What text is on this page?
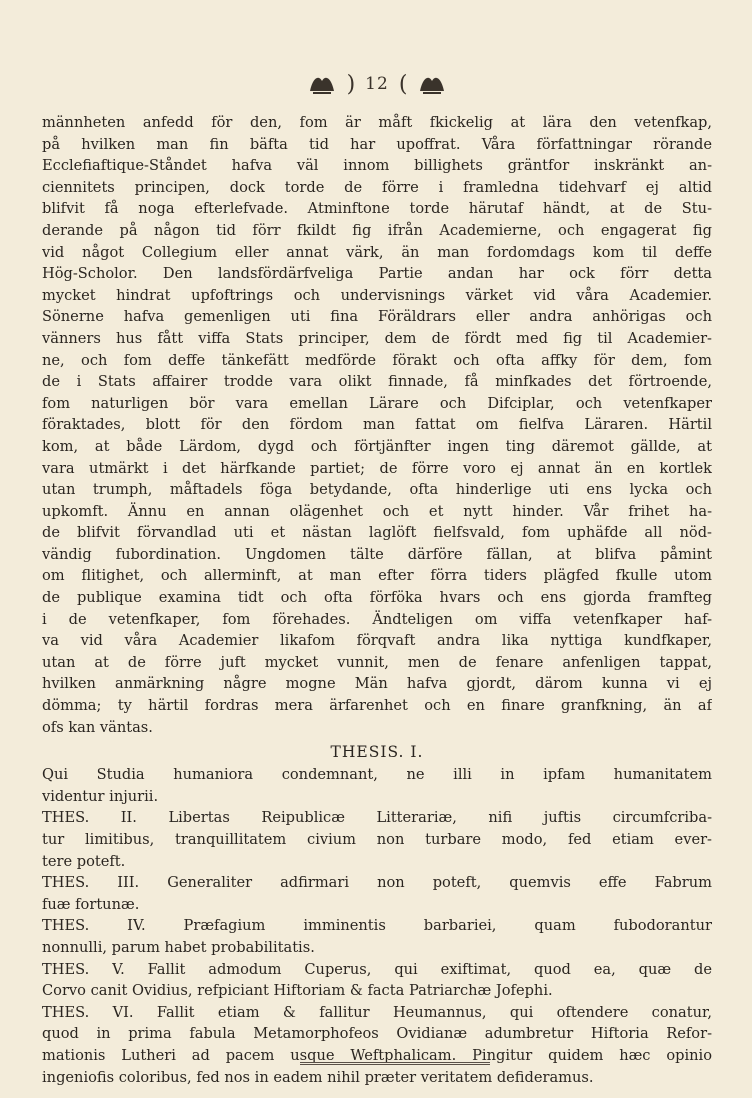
) 12 (
männheten anfedd för den, fom är måft fkickelig at lära den vetenfkap,
på hvilken man fin bäfta tid har upoffrat. Våra författningar rörande
Ecclefiaftique-Ståndet hafva väl innom billighets gräntfor inskränkt an-
ciennitets principen, dock torde de förre i framledna tidehvarf ej altid
blifvit få noga efterlefvade. Atminftone torde härutaf händt, at de Stu-
derande på någon tid förr fkildt fig ifrån Academierne, och engagerat fig
vid något Collegium eller annat värk, än man fordomdags kom til deffe
Hög-Scholor. Den landsfördärfveliga Partie andan har ock förr detta
mycket hindrat upfoftrings och undervisnings värket vid våra Academier.
Sönerne hafva gemenligen uti fina Föräldrars eller andra anhörigas och
vänners hus fått viffa Stats principer, dem de fördt med fig til Academier-
ne, och fom deffe tänkefätt medförde förakt och ofta affky för dem, fom
de i Stats affairer trodde vara olikt finnade, få minfkades det förtroende,
fom naturligen bör vara emellan Lärare och Difciplar, och vetenfkaper
föraktades, blott för den fördom man fattat om fielfva Läraren. Härtil
kom, at både Lärdom, dygd och förtjänfter ingen ting däremot gällde, at
vara utmärkt i det härfkande partiet; de förre voro ej annat än en kortlek
utan trumph, måftadels föga betydande, ofta hinderlige uti ens lycka och
upkomft. Ännu en annan olägenhet och et nytt hinder. Vår frihet ha-
de blifvit förvandlad uti et nästan laglöft fielfsvald, fom uphäfde all nöd-
vändig fubordination. Ungdomen tälte därföre fällan, at blifva påmint
om flitighet, och allerminft, at man efter förra tiders plägfed fkulle utom
de publique examina tidt och ofta förföka hvars och ens gjorda framfteg
i de vetenfkaper, fom förehades. Ändteligen om viffa vetenfkaper haf-
va vid våra Academier likafom förqvaft andra lika nyttiga kundfkaper,
utan at de förre juft mycket vunnit, men de fenare anfenligen tappat,
hvilken anmärkning någre mogne Män hafva gjordt, därom kunna vi ej
dömma; ty härtil fordras mera ärfarenhet och en finare granfkning, än af
ofs kan väntas.
THESIS. I.
Qui Studia humaniora condemnant, ne illi in ipfam humanitatem
videntur injurii.
THES. II. Libertas Reipublicæ Litterariæ, nifi juftis circumfcriba-
tur limitibus, tranquillitatem civium non turbare modo, fed etiam ever-
tere poteft.
THES. III. Generaliter adfirmari non poteft, quemvis effe Fabrum
fuæ fortunæ.
THES. IV. Præfagium imminentis barbariei, quam fubodorantur
nonnulli, parum habet probabilitatis.
THES. V. Fallit admodum Cuperus, qui exiftimat, quod ea, quæ de
Corvo canit Ovidius, refpiciant Hiftoriam & facta Patriarchæ Jofephi.
THES. VI. Fallit etiam & fallitur Heumannus, qui oftendere conatur,
quod in prima fabula Metamorphofeos Ovidianæ adumbretur Hiftoria Refor-
mationis Lutheri ad pacem usque Weftphalicam. Pingitur quidem hæc opinio
ingeniofis coloribus, fed nos in eadem nihil præter veritatem defideramus.
